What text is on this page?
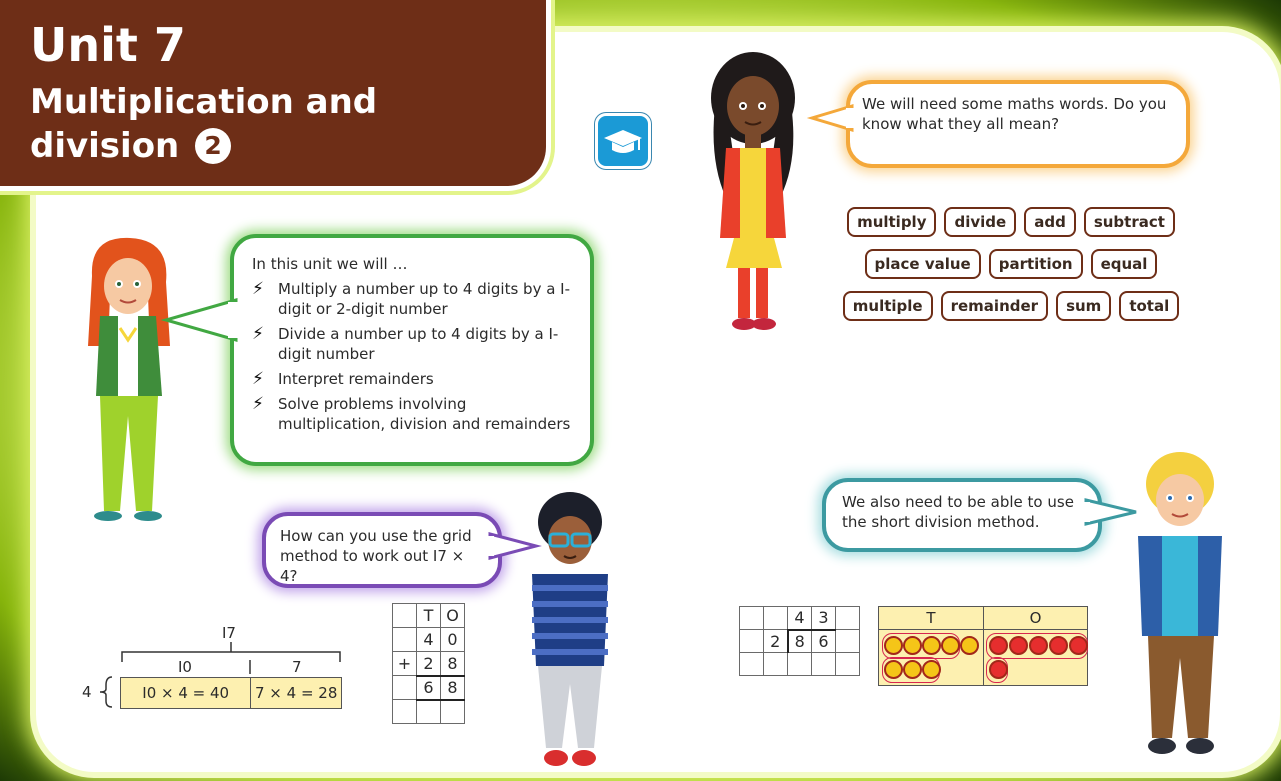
Unit 7
Multiplication and division 2
We will need some maths words. Do you know what they all mean?
multiply	divide	add	subtract
place value	partition	equal
multiple	remainder	sum	total
In this unit we will …
⚡ Multiply a number up to 4 digits by a I-digit or 2-digit number
⚡ Divide a number up to 4 digits by a I-digit number
⚡ Interpret remainders
⚡ Solve problems involving multiplication, division and remainders
How can you use the grid method to work out I7 × 4?
We also need to be able to use the short division method.
I7
I0	7
4	I0 × 4 = 40	7 × 4 = 28
	T	O
	4	0
+	2	8
	6	8

		4	3	
	2	8	6	

T	O
